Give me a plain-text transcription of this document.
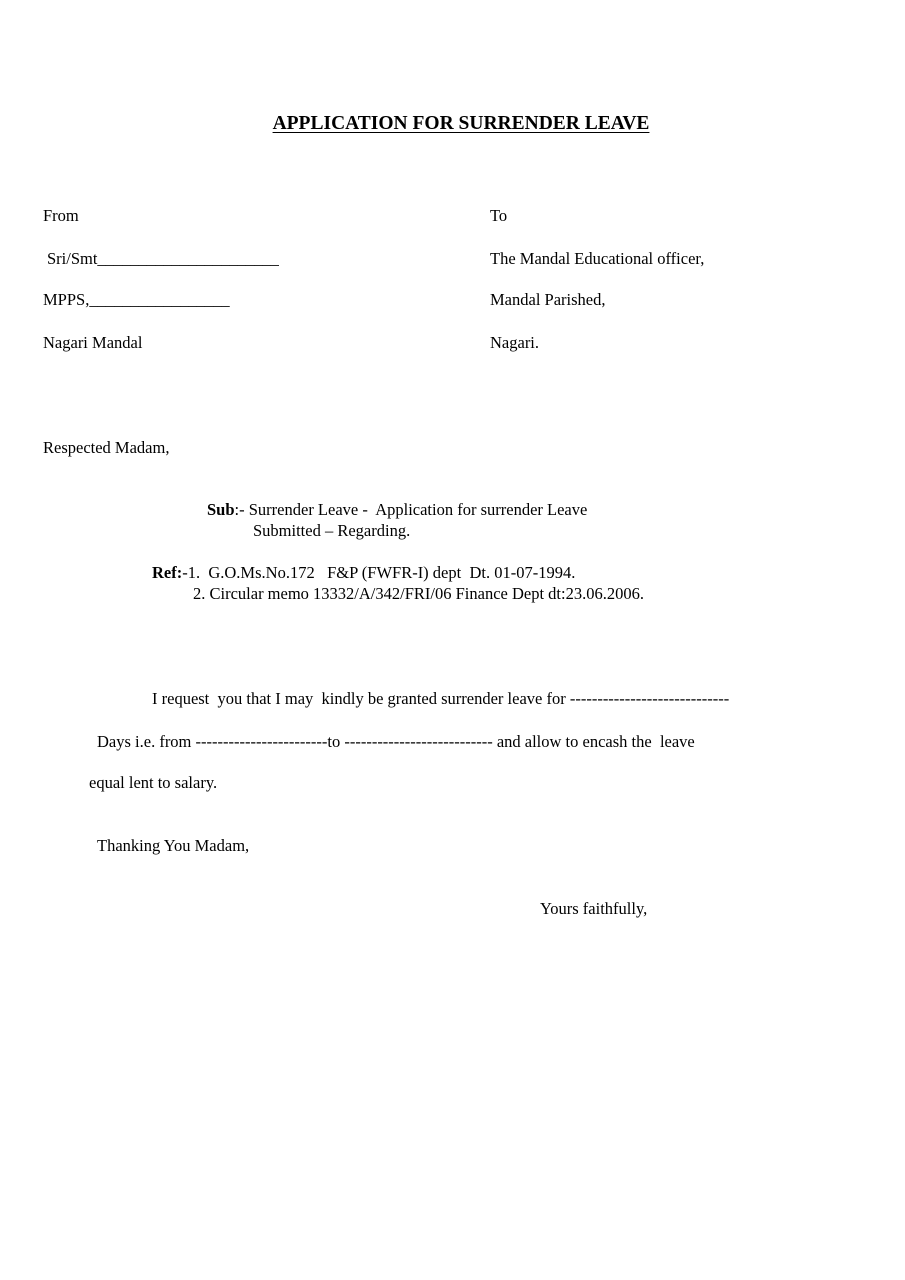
APPLICATION FOR SURRENDER LEAVE
From
Sri/Smt______________________
MPPS,_________________
Nagari Mandal
To
The Mandal Educational officer,
Mandal Parished,
Nagari.
Respected Madam,
Sub:- Surrender Leave -  Application for surrender Leave
Submitted – Regarding.
Ref:-1.  G.O.Ms.No.172   F&P (FWFR-I) dept  Dt. 01-07-1994.
2. Circular memo 13332/A/342/FRI/06 Finance Dept dt:23.06.2006.
I request  you that I may  kindly be granted surrender leave for -----------------------------
Days i.e. from ------------------------to --------------------------- and allow to encash the  leave
equal lent to salary.
Thanking You Madam,
Yours faithfully,
